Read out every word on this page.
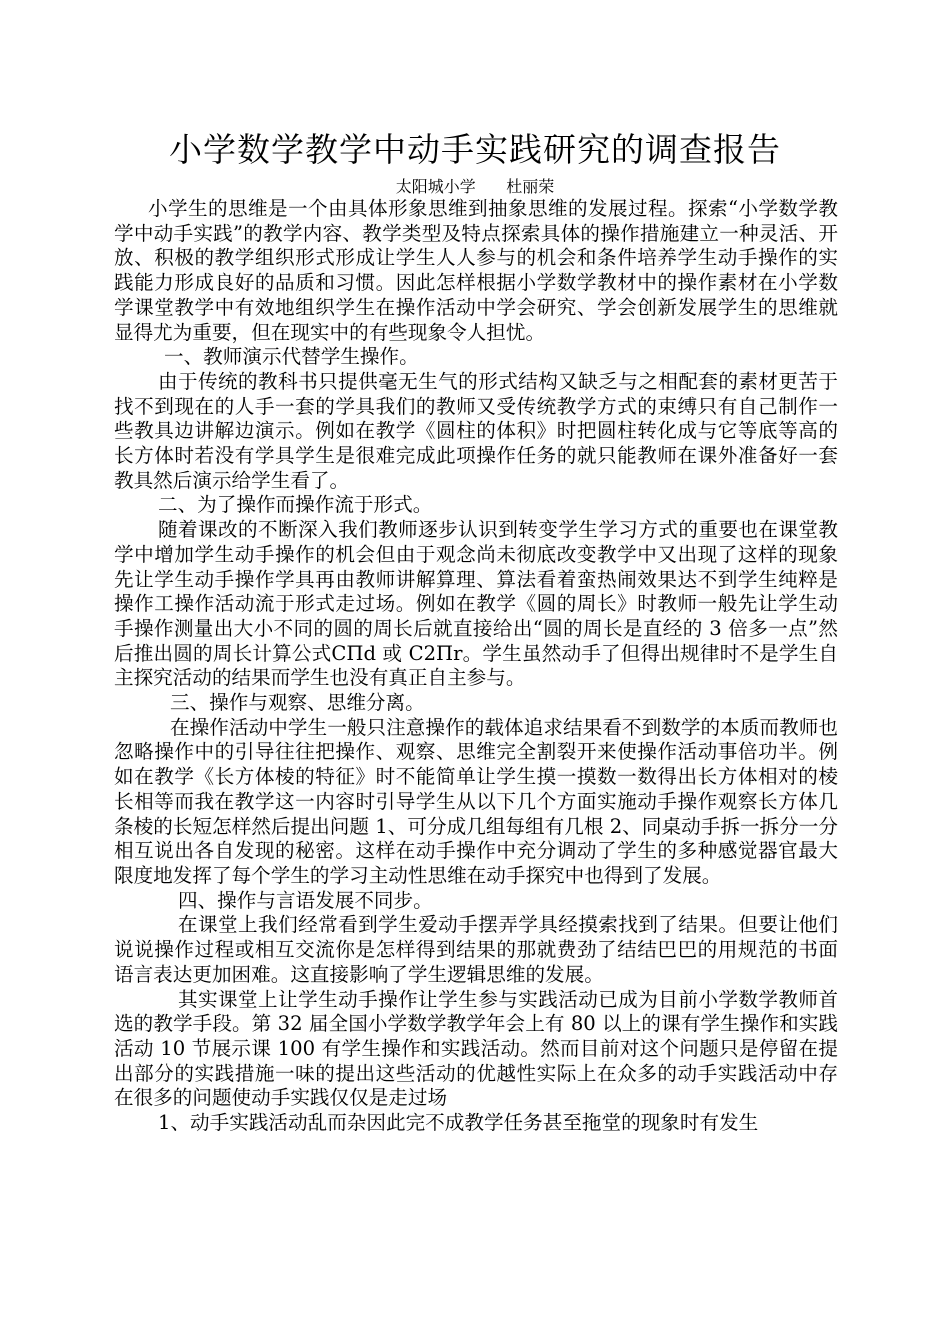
小学数学教学中动手实践研究的调查报告
太阳城小学      杜丽荣

小学生的思维是一个由具体形象思维到抽象思维的发展过程。探索“小学数学教学中动手实践”的教学内容、教学类型及特点探索具体的操作措施建立一种灵活、开放、积极的教学组织形式形成让学生人人参与的机会和条件培养学生动手操作的实践能力形成良好的品质和习惯。因此怎样根据小学数学教材中的操作素材在小学数学课堂教学中有效地组织学生在操作活动中学会研究、学会创新发展学生的思维就显得尤为重要，但在现实中的有些现象令人担忧。

一、教师演示代替学生操作。

由于传统的教科书只提供毫无生气的形式结构又缺乏与之相配套的素材更苦于找不到现在的人手一套的学具我们的教师又受传统教学方式的束缚只有自己制作一些教具边讲解边演示。例如在教学《圆柱的体积》时把圆柱转化成与它等底等高的长方体时若没有学具学生是很难完成此项操作任务的就只能教师在课外准备好一套教具然后演示给学生看了。

二、为了操作而操作流于形式。

随着课改的不断深入我们教师逐步认识到转变学生学习方式的重要也在课堂教学中增加学生动手操作的机会但由于观念尚未彻底改变教学中又出现了这样的现象先让学生动手操作学具再由教师讲解算理、算法看着蛮热闹效果达不到学生纯粹是操作工操作活动流于形式走过场。例如在教学《圆的周长》时教师一般先让学生动手操作测量出大小不同的圆的周长后就直接给出“圆的周长是直经的 3 倍多一点”然后推出圆的周长计算公式CΠd 或 C2Πr。学生虽然动手了但得出规律时不是学生自主探究活动的结果而学生也没有真正自主参与。

三、操作与观察、思维分离。

在操作活动中学生一般只注意操作的载体追求结果看不到数学的本质而教师也忽略操作中的引导往往把操作、观察、思维完全割裂开来使操作活动事倍功半。例如在教学《长方体棱的特征》时不能简单让学生摸一摸数一数得出长方体相对的棱长相等而我在教学这一内容时引导学生从以下几个方面实施动手操作观察长方体几条棱的长短怎样然后提出问题 1、可分成几组每组有几根 2、同桌动手拆一拆分一分相互说出各自发现的秘密。这样在动手操作中充分调动了学生的多种感觉器官最大限度地发挥了每个学生的学习主动性思维在动手探究中也得到了发展。

四、操作与言语发展不同步。

在课堂上我们经常看到学生爱动手摆弄学具经摸索找到了结果。但要让他们说说操作过程或相互交流你是怎样得到结果的那就费劲了结结巴巴的用规范的书面语言表达更加困难。这直接影响了学生逻辑思维的发展。

其实课堂上让学生动手操作让学生参与实践活动已成为目前小学数学教师首选的教学手段。第 32 届全国小学数学教学年会上有 80 以上的课有学生操作和实践活动 10 节展示课 100 有学生操作和实践活动。然而目前对这个问题只是停留在提出部分的实践措施一味的提出这些活动的优越性实际上在众多的动手实践活动中存在很多的问题使动手实践仅仅是走过场

1、动手实践活动乱而杂因此完不成教学任务甚至拖堂的现象时有发生
